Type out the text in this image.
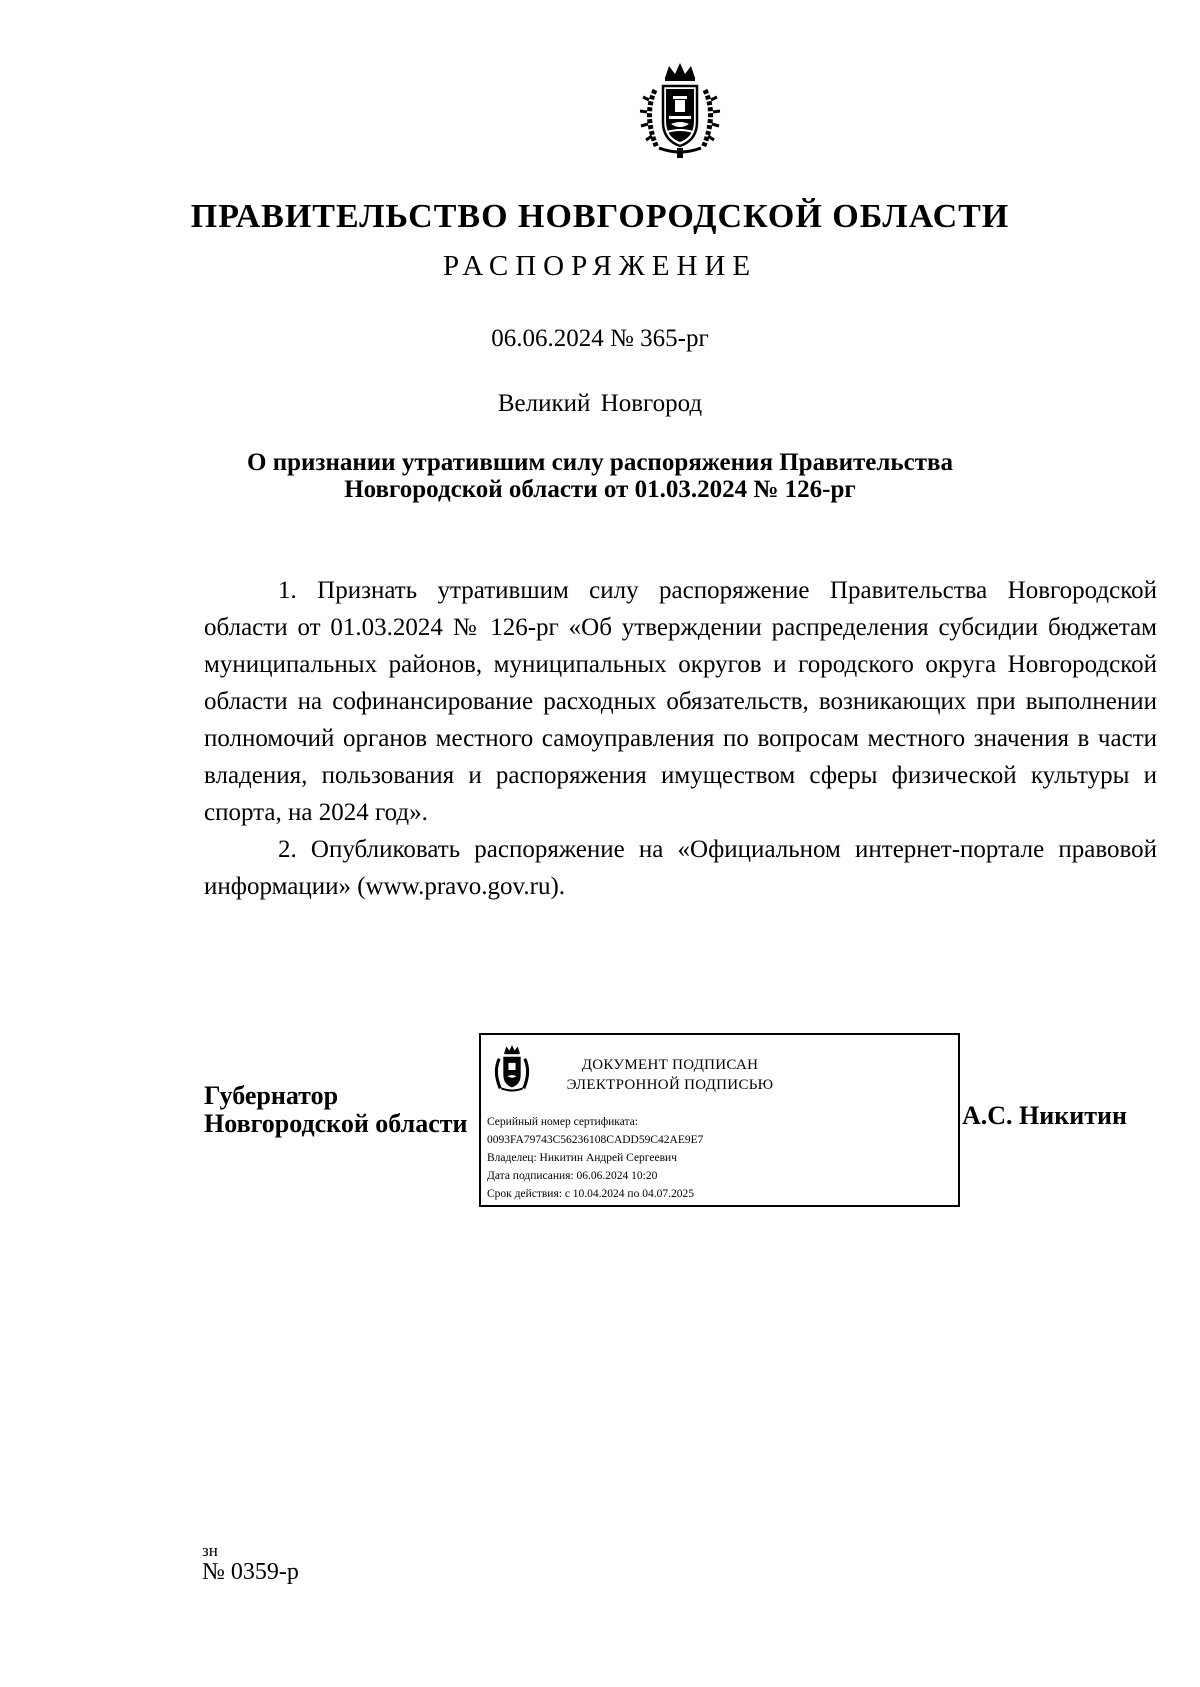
ПРАВИТЕЛЬСТВО НОВГОРОДСКОЙ ОБЛАСТИ
РАСПОРЯЖЕНИЕ
06.06.2024 № 365-рг
Великий Новгород
О признании утратившим силу распоряжения Правительства
Новгородской области от 01.03.2024 № 126-рг

1. Признать утратившим силу распоряжение Правительства Новгородской области от 01.03.2024 № 126-рг «Об утверждении распределения субсидии бюджетам муниципальных районов, муниципальных округов и городского округа Новгородской области на софинансирование расходных обязательств, возникающих при выполнении полномочий органов местного самоуправления по вопросам местного значения в части владения, пользования и распоряжения имуществом сферы физической культуры и спорта, на 2024 год».

2. Опубликовать распоряжение на «Официальном интернет-портале правовой информации» (www.pravo.gov.ru).

Губернатор
Новгородской области
ДОКУМЕНТ ПОДПИСАН
ЭЛЕКТРОННОЙ ПОДПИСЬЮ
Серийный номер сертификата:
0093FA79743C56236108CADD59C42AE9E7
Владелец: Никитин Андрей Сергеевич
Дата подписания: 06.06.2024 10:20
Срок действия: с 10.04.2024 по 04.07.2025
А.С. Никитин
зн
№ 0359-р
